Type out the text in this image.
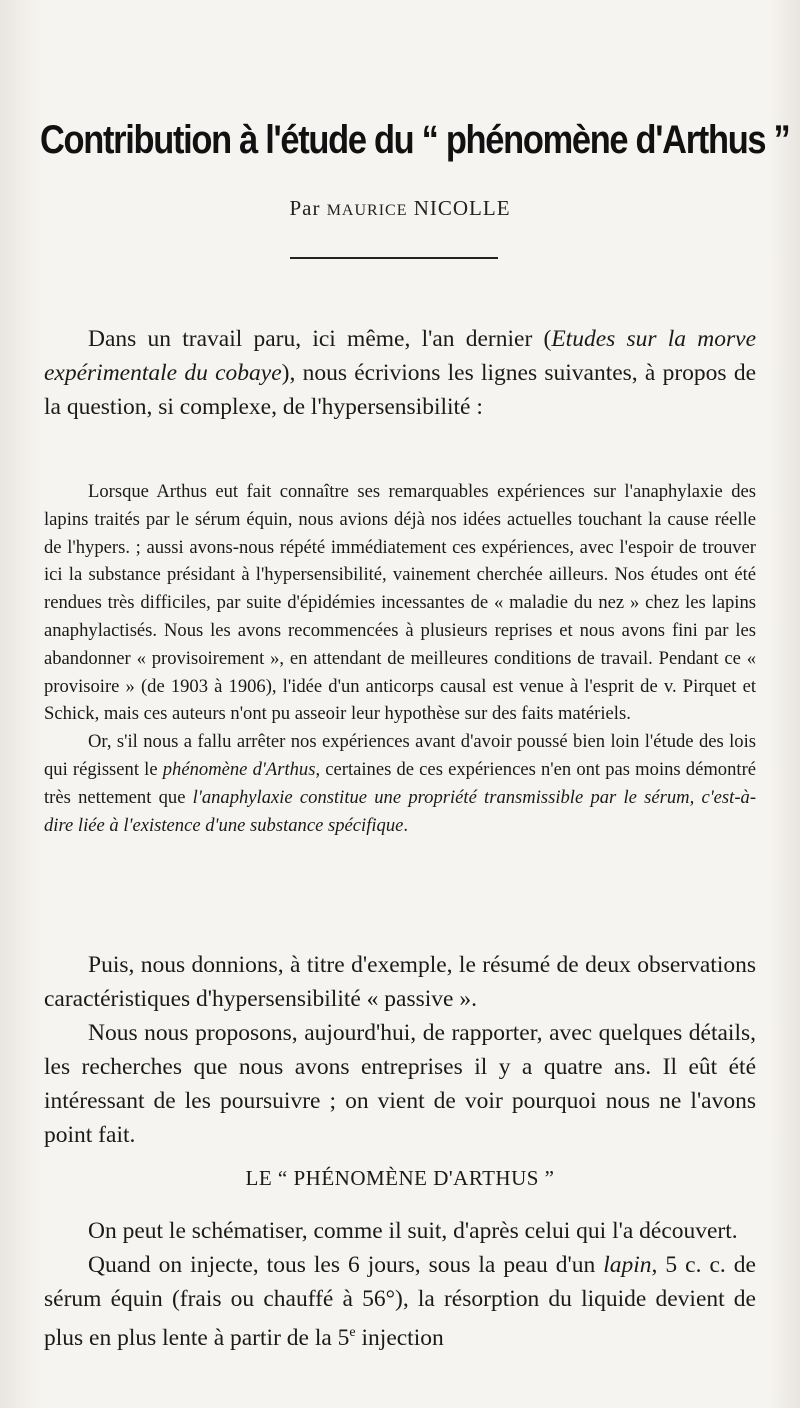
Contribution à l'étude du “ phénomène d'Arthus ”
Par MAURICE NICOLLE

Dans un travail paru, ici même, l'an dernier (Etudes sur la morve expérimentale du cobaye), nous écrivions les lignes suivantes, à propos de la question, si complexe, de l'hypersensibilité :

Lorsque Arthus eut fait connaître ses remarquables expériences sur l'anaphylaxie des lapins traités par le sérum équin, nous avions déjà nos idées actuelles touchant la cause réelle de l'hypers. ; aussi avons-nous répété immédiatement ces expériences, avec l'espoir de trouver ici la substance présidant à l'hypersensibilité, vainement cherchée ailleurs. Nos études ont été rendues très difficiles, par suite d'épidémies incessantes de « maladie du nez » chez les lapins anaphylactisés. Nous les avons recommencées à plusieurs reprises et nous avons fini par les abandonner « provisoirement », en attendant de meilleures conditions de travail. Pendant ce « provisoire » (de 1903 à 1906), l'idée d'un anticorps causal est venue à l'esprit de v. Pirquet et Schick, mais ces auteurs n'ont pu asseoir leur hypothèse sur des faits matériels.

Or, s'il nous a fallu arrêter nos expériences avant d'avoir poussé bien loin l'étude des lois qui régissent le phénomène d'Arthus, certaines de ces expériences n'en ont pas moins démontré très nettement que l'anaphylaxie constitue une propriété transmissible par le sérum, c'est-à-dire liée à l'existence d'une substance spécifique.

Puis, nous donnions, à titre d'exemple, le résumé de deux observations caractéristiques d'hypersensibilité « passive ».

Nous nous proposons, aujourd'hui, de rapporter, avec quelques détails, les recherches que nous avons entreprises il y a quatre ans. Il eût été intéressant de les poursuivre ; on vient de voir pourquoi nous ne l'avons point fait.

LE “ PHÉNOMÈNE D'ARTHUS ”

On peut le schématiser, comme il suit, d'après celui qui l'a découvert.

Quand on injecte, tous les 6 jours, sous la peau d'un lapin, 5 c. c. de sérum équin (frais ou chauffé à 56°), la résorption du liquide devient de plus en plus lente à partir de la 5e injection
